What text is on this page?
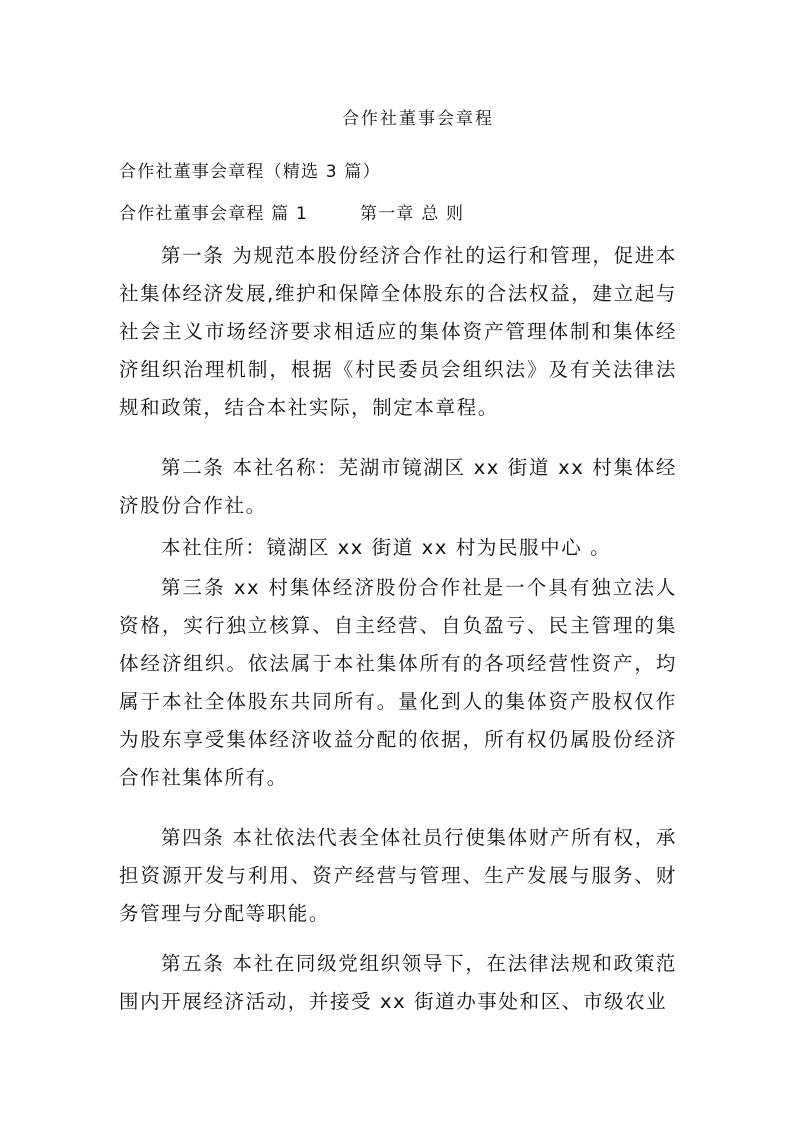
合作社董事会章程
合作社董事会章程（精选 3 篇）
合作社董事会章程 篇 1	第一章 总 则

第一条 为规范本股份经济合作社的运行和管理，促进本社集体经济发展,维护和保障全体股东的合法权益，建立起与社会主义市场经济要求相适应的集体资产管理体制和集体经济组织治理机制，根据《村民委员会组织法》及有关法律法规和政策，结合本社实际，制定本章程。

第二条 本社名称：芜湖市镜湖区 xx 街道 xx 村集体经济股份合作社。

本社住所：镜湖区 xx 街道 xx 村为民服中心 。

第三条 xx 村集体经济股份合作社是一个具有独立法人资格，实行独立核算、自主经营、自负盈亏、民主管理的集体经济组织。依法属于本社集体所有的各项经营性资产，均属于本社全体股东共同所有。量化到人的集体资产股权仅作为股东享受集体经济收益分配的依据，所有权仍属股份经济合作社集体所有。

第四条 本社依法代表全体社员行使集体财产所有权，承担资源开发与利用、资产经营与管理、生产发展与服务、财务管理与分配等职能。

第五条 本社在同级党组织领导下，在法律法规和政策范围内开展经济活动，并接受 xx 街道办事处和区、市级农业
